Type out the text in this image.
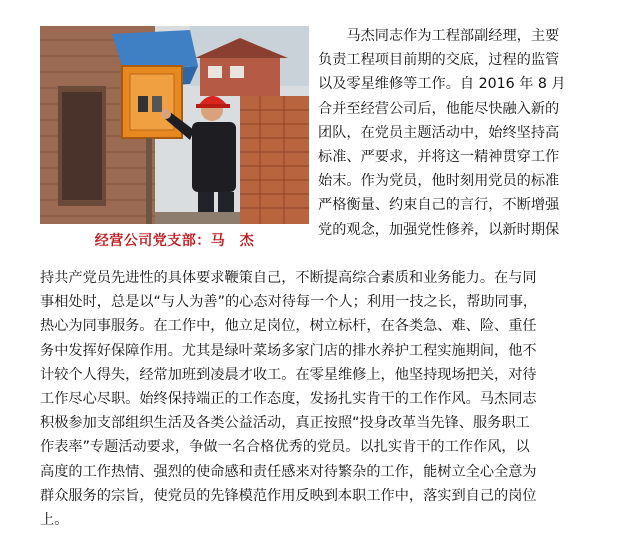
经营公司党支部：马　杰
　　马杰同志作为工程部副经理，主要
负责工程项目前期的交底，过程的监管
以及零星维修等工作。自 2016 年 8 月
合并至经营公司后，他能尽快融入新的
团队，在党员主题活动中，始终坚持高
标准、严要求，并将这一精神贯穿工作
始末。作为党员，他时刻用党员的标准
严格衡量、约束自己的言行，不断增强
党的观念，加强党性修养，以新时期保
持共产党员先进性的具体要求鞭策自己，不断提高综合素质和业务能力。在与同
事相处时，总是以“与人为善”的心态对待每一个人；利用一技之长，帮助同事，
热心为同事服务。在工作中，他立足岗位，树立标杆，在各类急、难、险、重任
务中发挥好保障作用。尤其是绿叶菜场多家门店的排水养护工程实施期间，他不
计较个人得失，经常加班到凌晨才收工。在零星维修上，他坚持现场把关，对待
工作尽心尽职。始终保持端正的工作态度，发扬扎实肯干的工作作风。马杰同志
积极参加支部组织生活及各类公益活动，真正按照“投身改革当先锋、服务职工
作表率”专题活动要求，争做一名合格优秀的党员。以扎实肯干的工作作风，以
高度的工作热情、强烈的使命感和责任感来对待繁杂的工作，能树立全心全意为
群众服务的宗旨，使党员的先锋模范作用反映到本职工作中，落实到自己的岗位
上。
